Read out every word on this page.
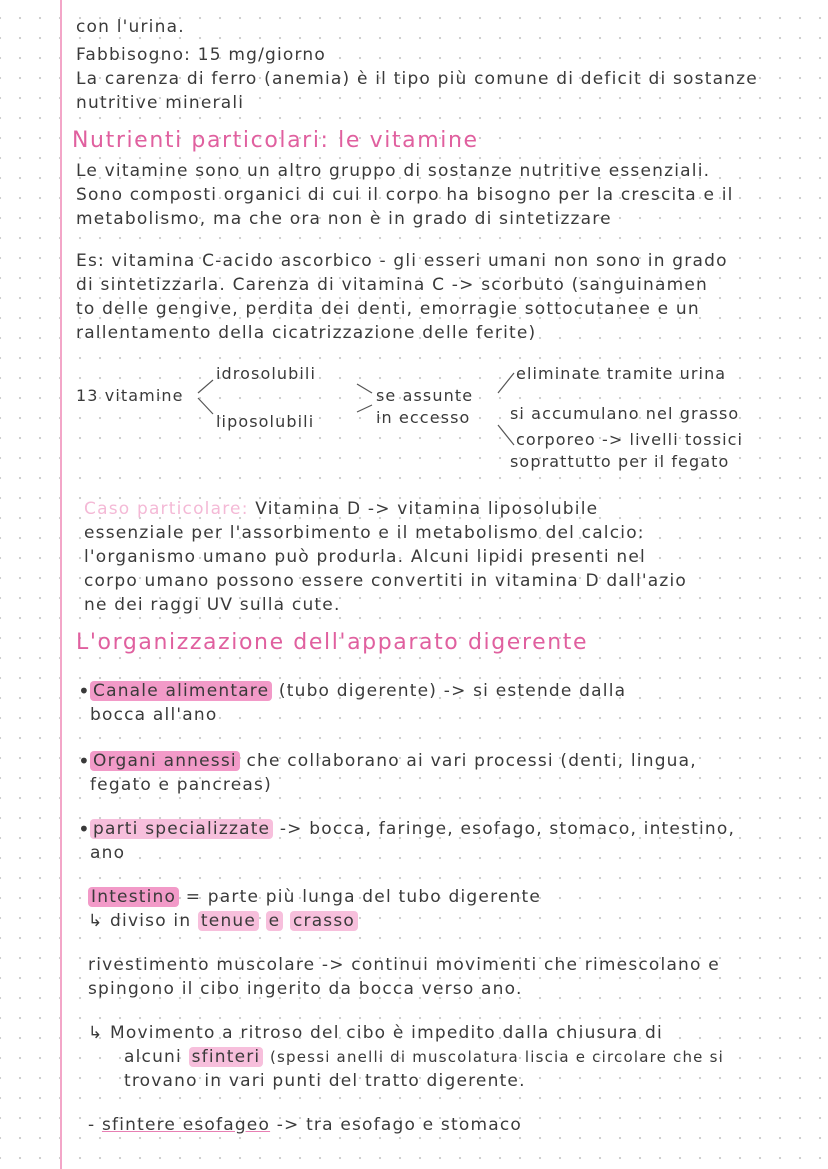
con l'urina.
Fabbisogno: 15 mg/giorno
La carenza di ferro (anemia) è il tipo più comune di deficit di sostanze
nutritive minerali
Nutrienti particolari: le vitamine
Le vitamine sono un altro gruppo di sostanze nutritive essenziali.
Sono composti organici di cui il corpo ha bisogno per la crescita e il
metabolismo, ma che ora non è in grado di sintetizzare
Es: vitamina C-acido ascorbico - gli esseri umani non sono in grado
di sintetizzarla. Carenza di vitamina C -> scorbuto (sanguinamen
to delle gengive, perdita dei denti, emorragie sottocutanee e un
rallentamento della cicatrizzazione delle ferite)
13 vitamine
idrosolubili
liposolubili
se assunte
in eccesso
eliminate tramite urina
si accumulano nel grasso
corporeo -> livelli tossici
soprattutto per il fegato
Caso particolare: Vitamina D -> vitamina liposolubile
essenziale per l'assorbimento e il metabolismo del calcio:
l'organismo umano può produrla. Alcuni lipidi presenti nel
corpo umano possono essere convertiti in vitamina D dall'azio
ne dei raggi UV sulla cute.
L'organizzazione dell'apparato digerente
• Canale alimentare (tubo digerente) -> si estende dalla
bocca all'ano
• Organi annessi che collaborano ai vari processi (denti, lingua,
fegato e pancreas)
• parti specializzate -> bocca, faringe, esofago, stomaco, intestino,
ano
Intestino = parte più lunga del tubo digerente
↳ diviso in tenue e crasso
rivestimento muscolare -> continui movimenti che rimescolano e
spingono il cibo ingerito da bocca verso ano.
↳ Movimento a ritroso del cibo è impedito dalla chiusura di
alcuni sfinteri (spessi anelli di muscolatura liscia e circolare che si
trovano in vari punti del tratto digerente.
- sfintere esofageo -> tra esofago e stomaco
